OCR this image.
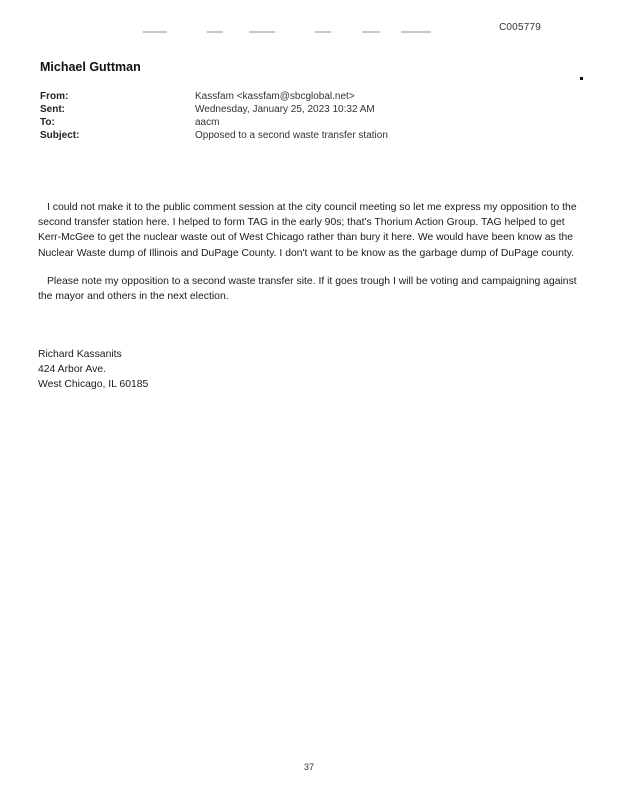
C005779
Michael Guttman
From:	Kassfam <kassfam@sbcglobal.net>
Sent:	Wednesday, January 25, 2023 10:32 AM
To:	aacm
Subject:	Opposed to a second waste transfer station

I could not make it to the public comment session at the city council meeting so let me express my opposition to the second transfer station here. I helped to form TAG in the early 90s; that's Thorium Action Group. TAG helped to get Kerr-McGee to get the nuclear waste out of West Chicago rather than bury it here. We would have been know as the Nuclear Waste dump of Illinois and DuPage County. I don't want to be know as the garbage dump of DuPage county.

Please note my opposition to a second waste transfer site. If it goes trough I will be voting and campaigning against the mayor and others in the next election.

Richard Kassanits
424 Arbor Ave.
West Chicago, IL 60185
37
